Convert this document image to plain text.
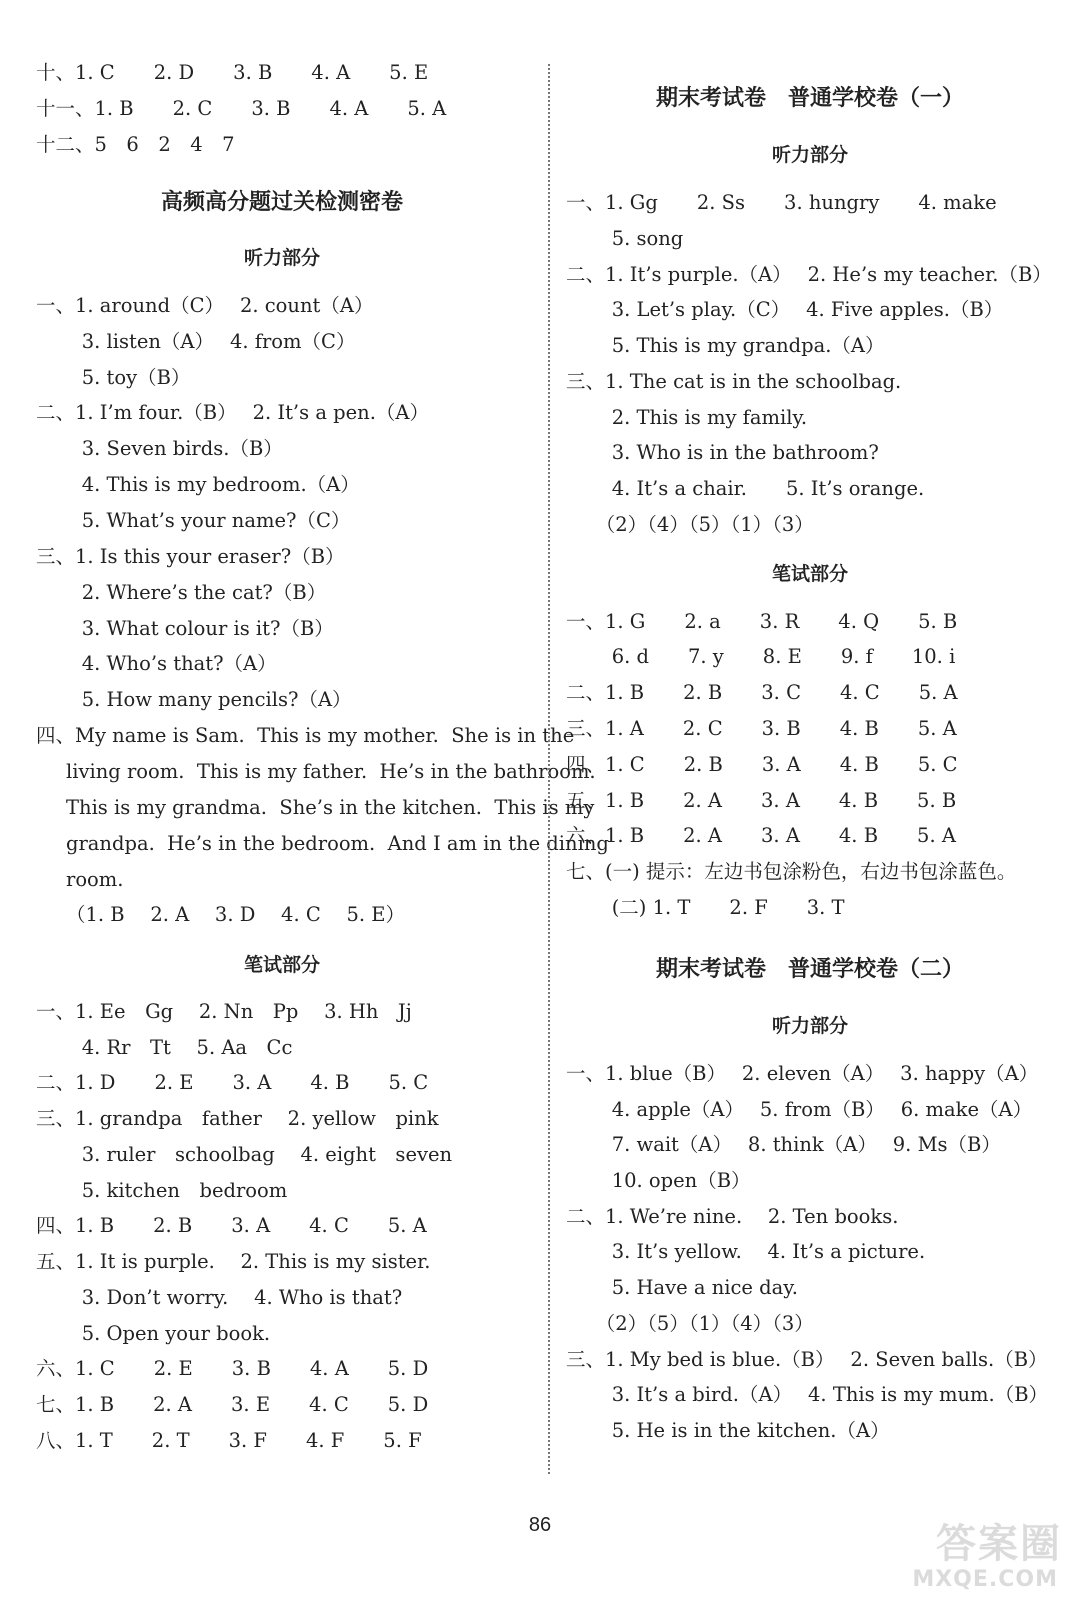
十、1. C　　2. D　　3. B　　4. A　　5. E
十一、1. B　　2. C　　3. B　　4. A　　5. A
十二、5　6　2　4　7
高频高分题过关检测密卷
听力部分
一、1. around（C）　 2. count（A）
　 3. listen（A）　 4. from（C）
　 5. toy（B）
二、1. I’m four.（B）　 2. It’s a pen.（A）
　 3. Seven birds.（B）
　 4. This is my bedroom.（A）
　 5. What’s your name?（C）
三、1. Is this your eraser?（B）
　 2. Where’s the cat?（B）
　 3. What colour is it?（B）
　 4. Who’s that?（A）
　 5. How many pencils?（A）
四、My name is Sam.  This is my mother.  She is in the
living room.  This is my father.  He’s in the bathroom.
This is my grandma.  She’s in the kitchen.  This is my
grandpa.  He’s in the bedroom.  And I am in the dining
room.
（1. B　 2. A　 3. D　 4. C　 5. E）
笔试部分
一、1. Ee　Gg　 2. Nn　Pp　 3. Hh　Jj
　 4. Rr　Tt　 5. Aa　Cc
二、1. D　　2. E　　3. A　　4. B　　5. C
三、1. grandpa　father　 2. yellow　pink
　 3. ruler　schoolbag　 4. eight　seven
　 5. kitchen　bedroom
四、1. B　　2. B　　3. A　　4. C　　5. A
五、1. It is purple.　 2. This is my sister.
　 3. Don’t worry.　 4. Who is that?
　 5. Open your book.
六、1. C　　2. E　　3. B　　4. A　　5. D
七、1. B　　2. A　　3. E　　4. C　　5. D
八、1. T　　2. T　　3. F　　4. F　　5. F
期末考试卷　普通学校卷（一）
听力部分
一、1. Gg　　2. Ss　　3. hungry　　4. make
　 5. song
二、1. It’s purple.（A）　 2. He’s my teacher.（B）
　 3. Let’s play.（C）　 4. Five apples.（B）
　 5. This is my grandpa.（A）
三、1. The cat is in the schoolbag.
　 2. This is my family.
　 3. Who is in the bathroom?
　 4. It’s a chair.　　5. It’s orange.
　（2）（4）（5）（1）（3）
笔试部分
一、1. G　　2. a　　3. R　　4. Q　　5. B
　 6. d　　7. y　　8. E　　9. f　　10. i
二、1. B　　2. B　　3. C　　4. C　　5. A
三、1. A　　2. C　　3. B　　4. B　　5. A
四、1. C　　2. B　　3. A　　4. B　　5. C
五、1. B　　2. A　　3. A　　4. B　　5. B
六、1. B　　2. A　　3. A　　4. B　　5. A
七、(一) 提示：左边书包涂粉色，右边书包涂蓝色。
　 (二) 1. T　　2. F　　3. T
期末考试卷　普通学校卷（二）
听力部分
一、1. blue（B）　 2. eleven（A）　 3. happy（A）
　 4. apple（A）　 5. from（B）　 6. make（A）
　 7. wait（A）　 8. think（A）　 9. Ms（B）
　 10. open（B）
二、1. We’re nine.　 2. Ten books.
　 3. It’s yellow.　 4. It’s a picture.
　 5. Have a nice day.
　（2）（5）（1）（4）（3）
三、1. My bed is blue.（B）　 2. Seven balls.（B）
　 3. It’s a bird.（A）　 4. This is my mum.（B）
　 5. He is in the kitchen.（A）
86	答案圈
MXQE.COM
